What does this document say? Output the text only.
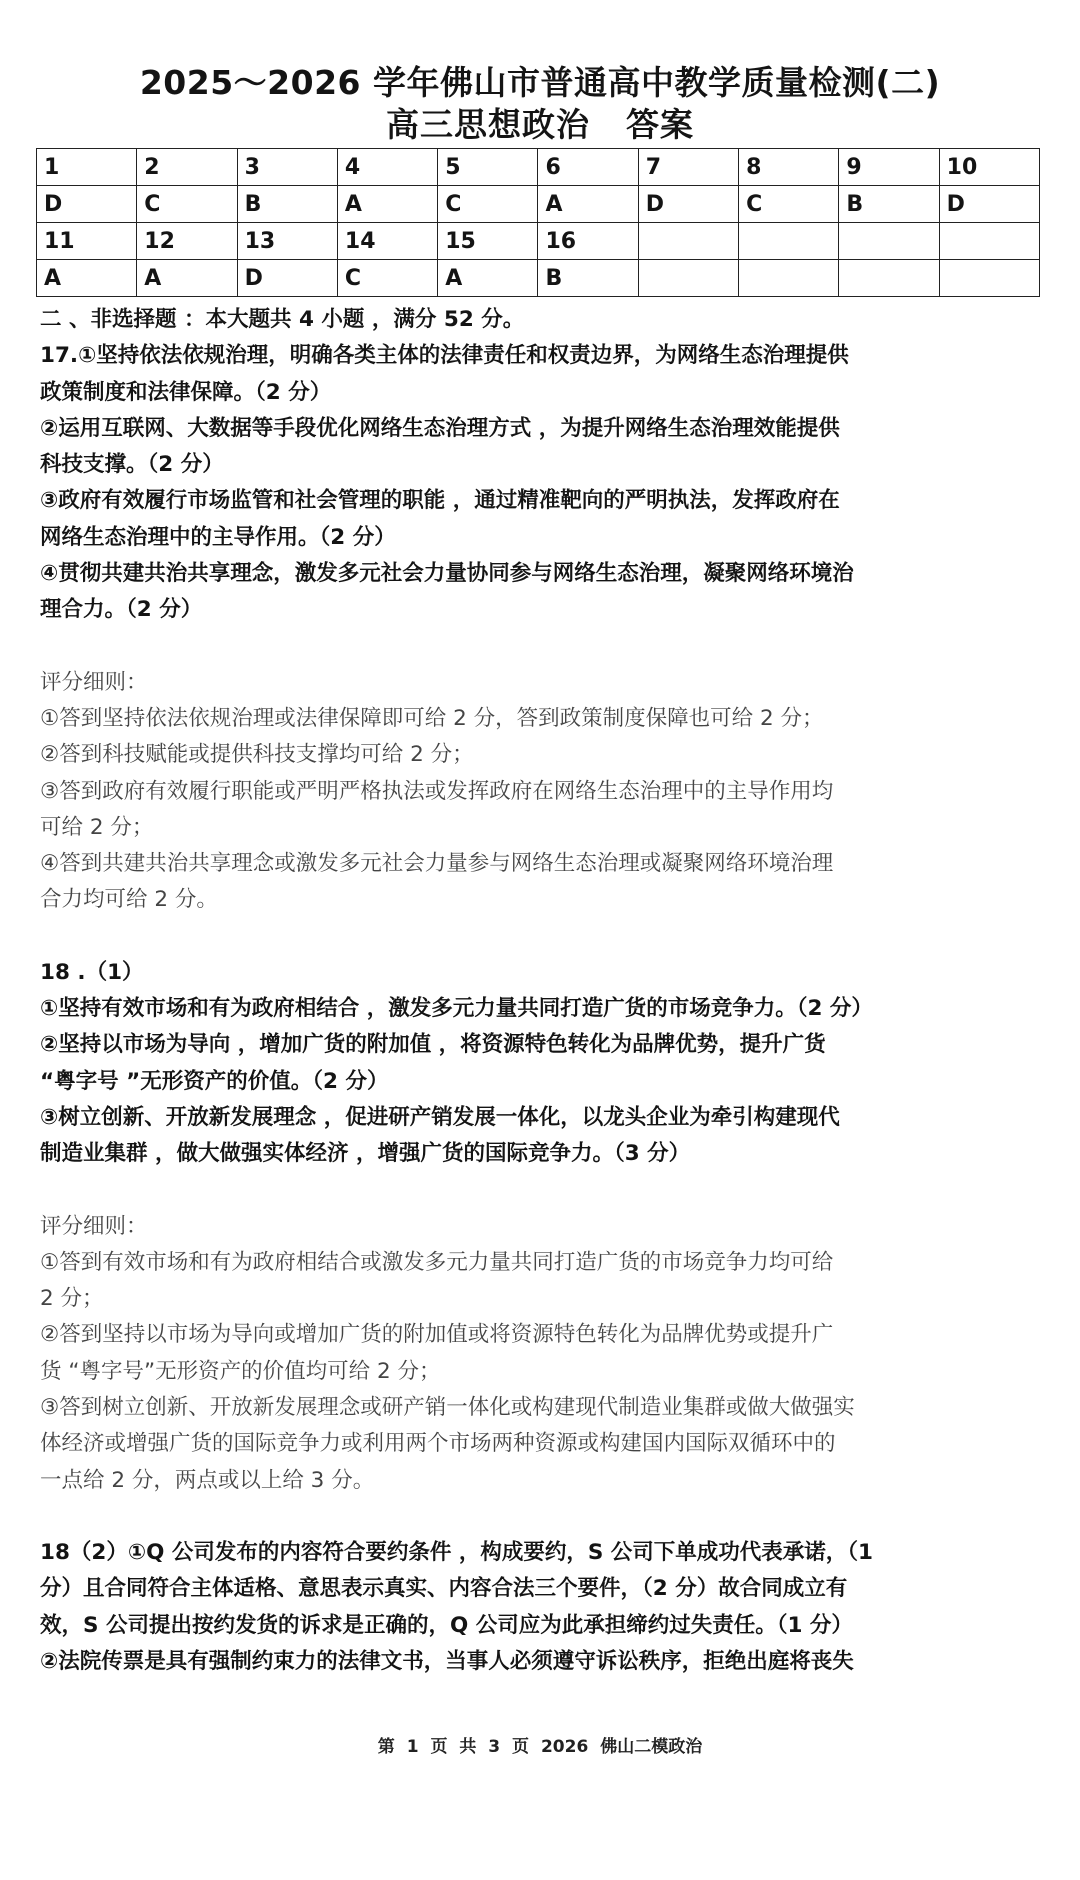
2025～2026 学年佛山市普通高中教学质量检测(二)
高三思想政治 答案
1	2	3	4	5	6	7	8	9	10
D	C	B	A	C	A	D	C	B	D
11	12	13	14	15	16				
A	A	D	C	A	B				

二 、非选择题 ：本大题共 4 小题 ，满分 52 分。

17.①坚持依法依规治理，明确各类主体的法律责任和权责边界，为网络生态治理提供

政策制度和法律保障。（2 分）

②运用互联网、大数据等手段优化网络生态治理方式 ，为提升网络生态治理效能提供

科技支撑。（2 分）

③政府有效履行市场监管和社会管理的职能 ，通过精准靶向的严明执法，发挥政府在

网络生态治理中的主导作用。（2 分）

④贯彻共建共治共享理念，激发多元社会力量协同参与网络生态治理，凝聚网络环境治

理合力。（2 分）

评分细则：

①答到坚持依法依规治理或法律保障即可给 2 分，答到政策制度保障也可给 2 分；

②答到科技赋能或提供科技支撑均可给 2 分；

③答到政府有效履行职能或严明严格执法或发挥政府在网络生态治理中的主导作用均

可给 2 分；

④答到共建共治共享理念或激发多元社会力量参与网络生态治理或凝聚网络环境治理

合力均可给 2 分。

18 .（1）

①坚持有效市场和有为政府相结合 ，激发多元力量共同打造广货的市场竞争力。（2 分）

②坚持以市场为导向 ，增加广货的附加值 ，将资源特色转化为品牌优势，提升广货

“粤字号 ”无形资产的价值。（2 分）

③树立创新、开放新发展理念 ，促进研产销发展一体化，以龙头企业为牵引构建现代

制造业集群 ，做大做强实体经济 ，增强广货的国际竞争力。（3 分）

评分细则：

①答到有效市场和有为政府相结合或激发多元力量共同打造广货的市场竞争力均可给

2 分；

②答到坚持以市场为导向或增加广货的附加值或将资源特色转化为品牌优势或提升广

货 “粤字号”无形资产的价值均可给 2 分；

③答到树立创新、开放新发展理念或研产销一体化或构建现代制造业集群或做大做强实

体经济或增强广货的国际竞争力或利用两个市场两种资源或构建国内国际双循环中的

一点给 2 分，两点或以上给 3 分。

18（2）①Q 公司发布的内容符合要约条件 ，构成要约，S 公司下单成功代表承诺，（1

分）且合同符合主体适格、意思表示真实、内容合法三个要件，（2 分）故合同成立有

效，S 公司提出按约发货的诉求是正确的，Q 公司应为此承担缔约过失责任。（1 分）

②法院传票是具有强制约束力的法律文书，当事人必须遵守诉讼秩序，拒绝出庭将丧失

第 1 页 共 3 页 2026 佛山二模政治
